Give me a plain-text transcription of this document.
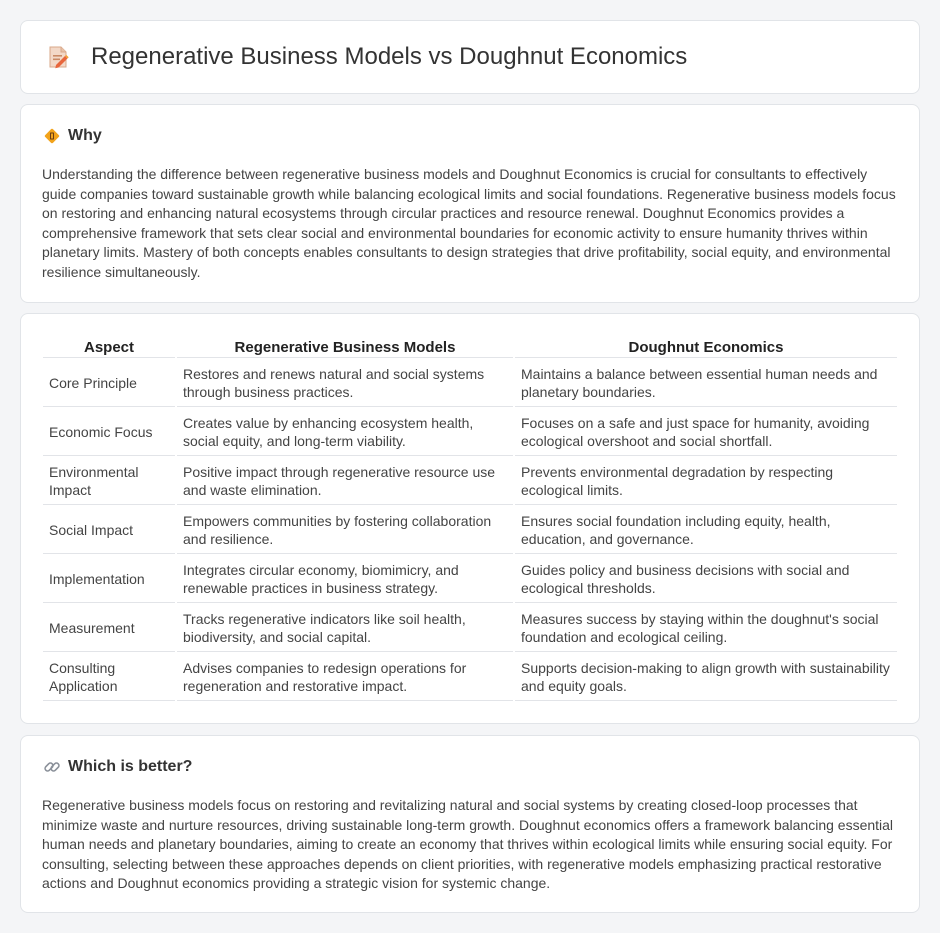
Regenerative Business Models vs Doughnut Economics
Why

Understanding the difference between regenerative business models and Doughnut Economics is crucial for consultants to effectively guide companies toward sustainable growth while balancing ecological limits and social foundations. Regenerative business models focus on restoring and enhancing natural ecosystems through circular practices and resource renewal. Doughnut Economics provides a comprehensive framework that sets clear social and environmental boundaries for economic activity to ensure humanity thrives within planetary limits. Mastery of both concepts enables consultants to design strategies that drive profitability, social equity, and environmental resilience simultaneously.

Aspect	Regenerative Business Models	Doughnut Economics
Core Principle	Restores and renews natural and social systems through business practices.	Maintains a balance between essential human needs and planetary boundaries.
Economic Focus	Creates value by enhancing ecosystem health, social equity, and long-term viability.	Focuses on a safe and just space for humanity, avoiding ecological overshoot and social shortfall.
Environmental Impact	Positive impact through regenerative resource use and waste elimination.	Prevents environmental degradation by respecting ecological limits.
Social Impact	Empowers communities by fostering collaboration and resilience.	Ensures social foundation including equity, health, education, and governance.
Implementation	Integrates circular economy, biomimicry, and renewable practices in business strategy.	Guides policy and business decisions with social and ecological thresholds.
Measurement	Tracks regenerative indicators like soil health, biodiversity, and social capital.	Measures success by staying within the doughnut's social foundation and ecological ceiling.
Consulting Application	Advises companies to redesign operations for regeneration and restorative impact.	Supports decision-making to align growth with sustainability and equity goals.
Which is better?

Regenerative business models focus on restoring and revitalizing natural and social systems by creating closed-loop processes that minimize waste and nurture resources, driving sustainable long-term growth. Doughnut economics offers a framework balancing essential human needs and planetary boundaries, aiming to create an economy that thrives within ecological limits while ensuring social equity. For consulting, selecting between these approaches depends on client priorities, with regenerative models emphasizing practical restorative actions and Doughnut economics providing a strategic vision for systemic change.
